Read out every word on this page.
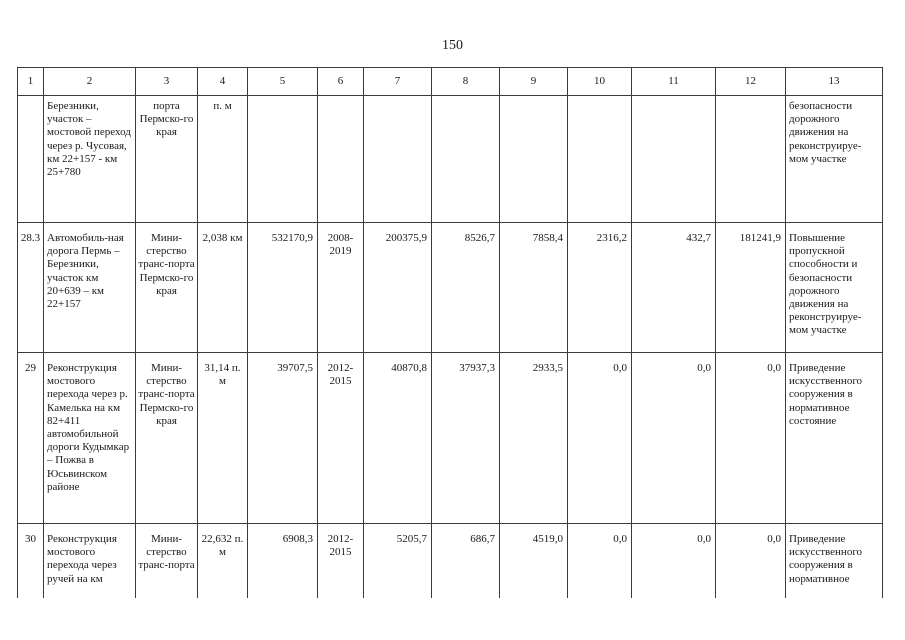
150
1	2	3	4	5	6	7	8	9	10	11	12	13
	Березники, участок – мостовой переход через р. Чусовая, км 22+157 - км 25+780	порта Пермско-го края	п. м									безопасности дорожного движения на реконструируе-мом участке
28.3	Автомобиль-ная дорога Пермь – Березники, участок км 20+639 – км 22+157	Мини-стерство транс-порта Пермско-го края	2,038 км	532170,9	2008-2019	200375,9	8526,7	7858,4	2316,2	432,7	181241,9	Повышение пропускной способности и безопасности дорожного движения на реконструируе-мом участке
29	Реконструкция мостового перехода через р. Камелька на км 82+411 автомобильной дороги Кудымкар – Пожва в Юсьвинском районе	Мини-стерство транс-порта Пермско-го края	31,14 п. м	39707,5	2012-2015	40870,8	37937,3	2933,5	0,0	0,0	0,0	Приведение искусственного сооружения в нормативное состояние
30	Реконструкция мостового перехода через ручей на км	Мини-стерство транс-порта	22,632 п. м	6908,3	2012-2015	5205,7	686,7	4519,0	0,0	0,0	0,0	Приведение искусственного сооружения в нормативное
